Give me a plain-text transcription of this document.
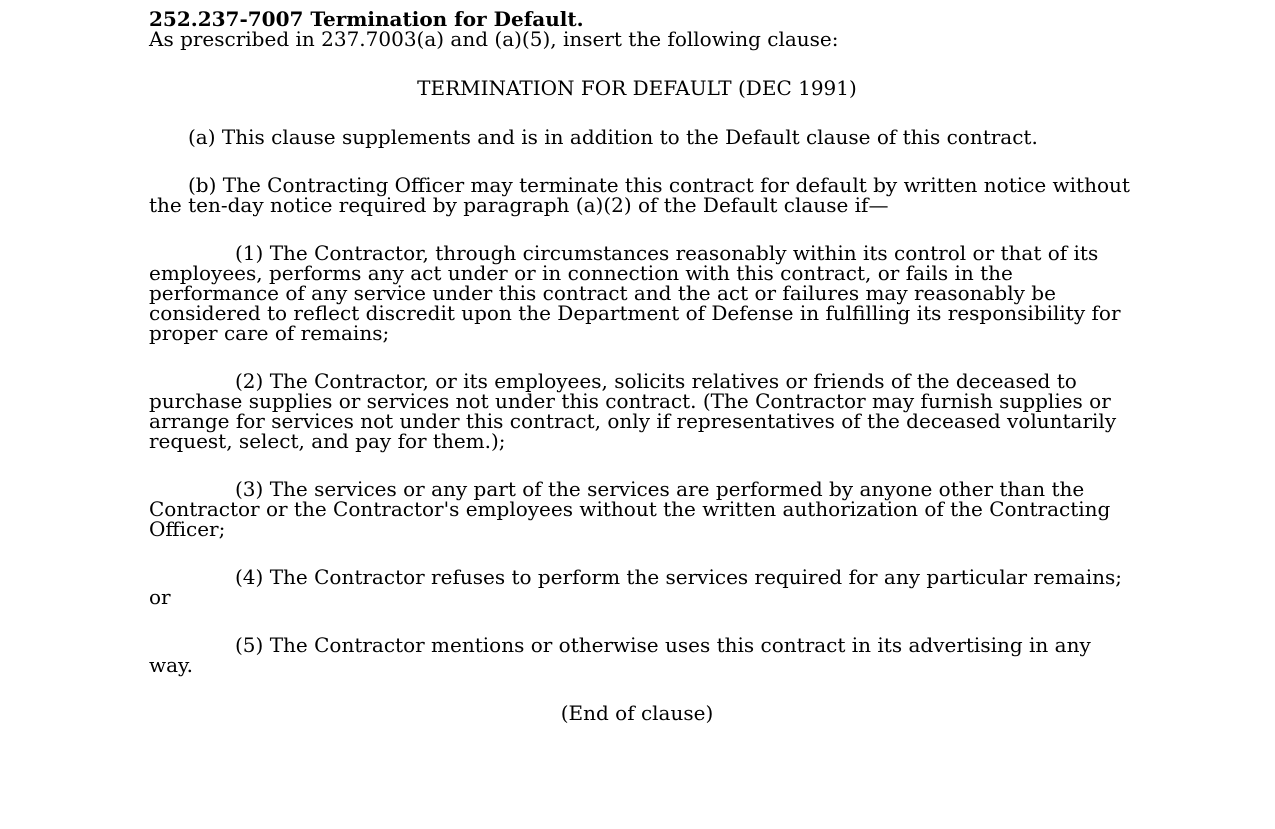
252.237-7007 Termination for Default.

As prescribed in 237.7003(a) and (a)(5), insert the following clause:

TERMINATION FOR DEFAULT (DEC 1991)

(a) This clause supplements and is in addition to the Default clause of this contract.

(b) The Contracting Officer may terminate this contract for default by written notice without the ten-day notice required by paragraph (a)(2) of the Default clause if—

(1) The Contractor, through circumstances reasonably within its control or that of its employees, performs any act under or in connection with this contract, or fails in the performance of any service under this contract and the act or failures may reasonably be considered to reflect discredit upon the Department of Defense in fulfilling its responsibility for proper care of remains;

(2) The Contractor, or its employees, solicits relatives or friends of the deceased to purchase supplies or services not under this contract. (The Contractor may furnish supplies or arrange for services not under this contract, only if representatives of the deceased voluntarily request, select, and pay for them.);

(3) The services or any part of the services are performed by anyone other than the Contractor or the Contractor's employees without the written authorization of the Contracting Officer;

(4) The Contractor refuses to perform the services required for any particular remains; or

(5) The Contractor mentions or otherwise uses this contract in its advertising in any way.

(End of clause)
